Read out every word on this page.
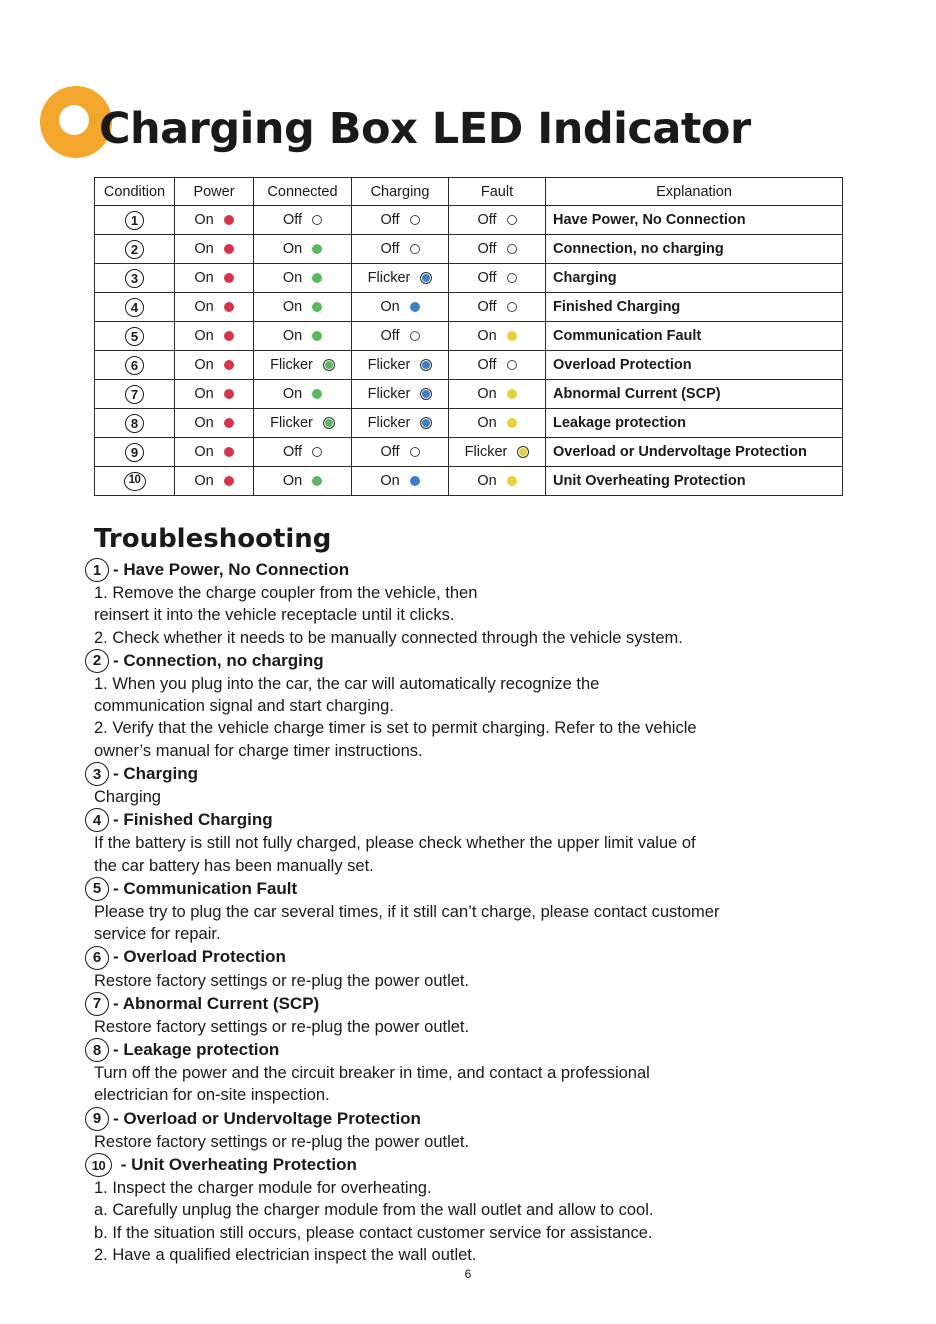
Charging Box LED Indicator
Condition	Power	Connected	Charging	Fault	Explanation
1	On	Off	Off	Off	Have Power, No Connection
2	On	On	Off	Off	Connection, no charging
3	On	On	Flicker	Off	Charging
4	On	On	On	Off	Finished Charging
5	On	On	Off	On	Communication Fault
6	On	Flicker	Flicker	Off	Overload Protection
7	On	On	Flicker	On	Abnormal Current (SCP)
8	On	Flicker	Flicker	On	Leakage protection
9	On	Off	Off	Flicker	Overload or Undervoltage Protection
10	On	On	On	On	Unit Overheating Protection
Troubleshooting
1 - Have Power, No Connection
1. Remove the charge coupler from the vehicle, then
reinsert it into the vehicle receptacle until it clicks.
2. Check whether it needs to be manually connected through the vehicle system.
2 - Connection, no charging
1. When you plug into the car, the car will automatically recognize the
communication signal and start charging.
2. Verify that the vehicle charge timer is set to permit charging. Refer to the vehicle
owner’s manual for charge timer instructions.
3 - Charging
Charging
4 - Finished Charging
If the battery is still not fully charged, please check whether the upper limit value of
the car battery has been manually set.
5 - Communication Fault
Please try to plug the car several times, if it still can’t charge, please contact customer
service for repair.
6 - Overload Protection
Restore factory settings or re-plug the power outlet.
7 - Abnormal Current (SCP)
Restore factory settings or re-plug the power outlet.
8 - Leakage protection
Turn off the power and the circuit breaker in time, and contact a professional
electrician for on-site inspection.
9 - Overload or Undervoltage Protection
Restore factory settings or re-plug the power outlet.
10 - Unit Overheating Protection
1. Inspect the charger module for overheating.
a. Carefully unplug the charger module from the wall outlet and allow to cool.
b. If the situation still occurs, please contact customer service for assistance.
2. Have a qualified electrician inspect the wall outlet.
6
